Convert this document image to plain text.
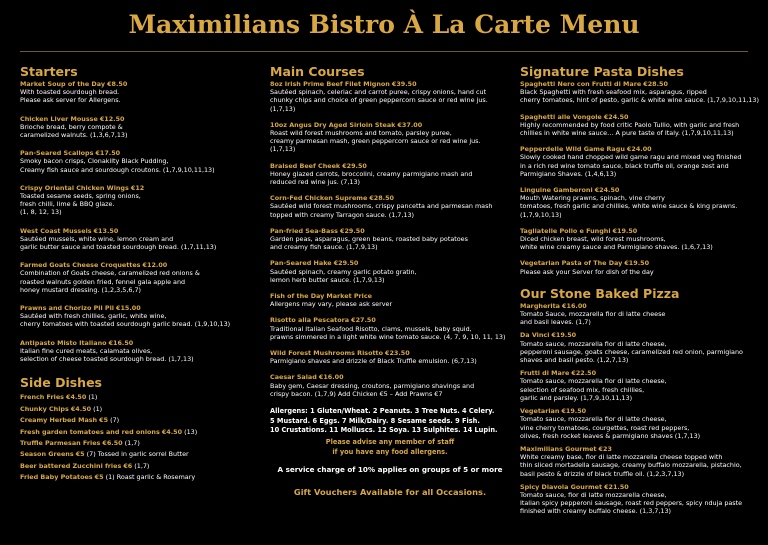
Maximilians Bistro À La Carte Menu
Starters
Market Soup of the Day €8.50
With toasted sourdough bread.
Please ask server for Allergens.
Chicken Liver Mousse €12.50
Brioche bread, berry compote &
caramelized walnuts. (1,3,6,7,13)
Pan-Seared Scallops €17.50
Smoky bacon crisps, Clonakilty Black Pudding,
Creamy fish sauce and sourdough croutons. (1,7,9,10,11,13)
Crispy Oriental Chicken Wings €12
Toasted sesame seeds, spring onions,
fresh chilli, lime & BBQ glaze.
(1, 8, 12, 13)
West Coast Mussels €13.50
Sautéed mussels, white wine, lemon cream and
garlic butter sauce and toasted sourdough bread. (1,7,11,13)
Farmed Goats Cheese Croquettes €12.00
Combination of Goats cheese, caramelized red onions &
roasted walnuts golden fried, fennel gala apple and
honey mustard dressing. (1,2,3,5,6,7)
Prawns and Chorizo Pil Pil €15.00
Sautéed with fresh chillies, garlic, white wine,
cherry tomatoes with toasted sourdough garlic bread. (1,9,10,13)
Antipasto Misto Italiano €16.50
Italian fine cured meats, calamata olives,
selection of cheese toasted sourdough bread. (1,7,13)
Side Dishes
French Fries €4.50 (1)
Chunky Chips €4.50 (1)
Creamy Herbed Mash €5 (7)
Fresh garden tomatoes and red onions €4.50 (13)
Truffle Parmesan Fries €6.50 (1,7)
Season Greens €5 (7) Tossed in garlic sorrel Butter
Beer battered Zucchini fries €6 (1,7)
Fried Baby Potatoes €5 (1) Roast garlic & Rosemary
Main Courses
8oz Irish Prime Beef Filet Mignon €39.50
Sautéed spinach, celeriac and carrot puree, crispy onions, hand cut
chunky chips and choice of green peppercorn sauce or red wine jus.
(1,7,13)
10oz Angus Dry Aged Sirloin Steak €37.00
Roast wild forest mushrooms and tomato, parsley puree,
creamy parmesan mash, green peppercorn sauce or red wine jus.
(1,7,13)
Braised Beef Cheek €29.50
Honey glazed carrots, broccolini, creamy parmigiano mash and
reduced red wine jus. (7,13)
Corn-Fed Chicken Supreme €28.50
Sautéed wild forest mushrooms, crispy pancetta and parmesan mash
topped with creamy Tarragon sauce. (1,7,13)
Pan-fried Sea-Bass €29.50
Garden peas, asparagus, green beans, roasted baby potatoes
and creamy fish sauce. (1,7,9,13)
Pan-Seared Hake €29.50
Sautéed spinach, creamy garlic potato gratin,
lemon herb butter sauce. (1,7,9,13)
Fish of the Day Market Price
Allergens may vary, please ask server
Risotto alla Pescatora €27.50
Traditional Italian Seafood Risotto, clams, mussels, baby squid,
prawns simmered in a light white wine tomato sauce. (4, 7, 9, 10, 11, 13)
Wild Forest Mushrooms Risotto €23.50
Parmigiano shaves and drizzle of Black Truffle emulsion. (6,7,13)
Caesar Salad €16.00
Baby gem, Caesar dressing, croutons, parmigiano shavings and
crispy bacon. (1,7,9) Add Chicken €5 – Add Prawns €7
Allergens: 1 Gluten/Wheat. 2 Peanuts. 3 Tree Nuts. 4 Celery.
5 Mustard. 6 Eggs. 7 Milk/Dairy. 8 Sesame seeds. 9 Fish.
10 Crustations. 11 Molluscs. 12 Soya. 13 Sulphites. 14 Lupin.
Please advise any member of staff
if you have any food allergens.
A service charge of 10% applies on groups of 5 or more
Gift Vouchers Available for all Occasions.
Signature Pasta Dishes
Spaghetti Nero con Frutti di Mare €28.50
Black Spaghetti with fresh seafood mix, asparagus, ripped
cherry tomatoes, hint of pesto, garlic & white wine sauce. (1,7,9,10,11,13)
Spaghetti alle Vongole €24.50
Highly recommended by food critic Paolo Tullio, with garlic and fresh
chillies in white wine sauce… A pure taste of Italy. (1,7,9,10,11,13)
Pepperdelle Wild Game Ragu €24.00
Slowly cooked hand chopped wild game ragu and mixed veg finished
in a rich red wine tomato sauce, black truffle oil, orange zest and
Parmigiano Shaves. (1,4,6,13)
Linguine Gamberoni €24.50
Mouth Watering prawns, spinach, vine cherry
tomatoes, fresh garlic and chillies, white wine sauce & king prawns.
(1,7,9,10,13)
Tagliatelle Pollo e Funghi €19.50
Diced chicken breast, wild forest mushrooms,
white wine creamy sauce and Parmigiano shaves. (1,6,7,13)
Vegetarian Pasta of The Day €19.50
Please ask your Server for dish of the day
Our Stone Baked Pizza
Margherita €16.00
Tomato Sauce, mozzarella fior di latte cheese
and basil leaves. (1,7)
Da Vinci €19.50
Tomato sauce, mozzarella fior di latte cheese,
pepperoni sausage, goats cheese, caramelized red onion, parmigiano
shaves and basil pesto. (1,2,7,13)
Frutti di Mare €22.50
Tomato sauce, mozzarella fior di latte cheese,
selection of seafood mix, fresh chillies,
garlic and parsley. (1,7,9,10,11,13)
Vegetarian €19.50
Tomato sauce, mozzarella fior di latte cheese,
vine cherry tomatoes, courgettes, roast red peppers,
olives, fresh rocket leaves & parmigiano shaves (1,7,13)
Maximilians Gourmet €23
White creamy base, fior di latte mozzarella cheese topped with
thin sliced mortadella sausage, creamy buffalo mozzarella, pistachio,
basil pesto & drizzle of black truffle oil. (1,2,3,7,13)
Spicy Diavola Gourmet €21.50
Tomato sauce, fior di latte mozzarella cheese,
Italian spicy pepperoni sausage, roast red peppers, spicy nduja paste
finished with creamy buffalo cheese. (1,3,7,13)
